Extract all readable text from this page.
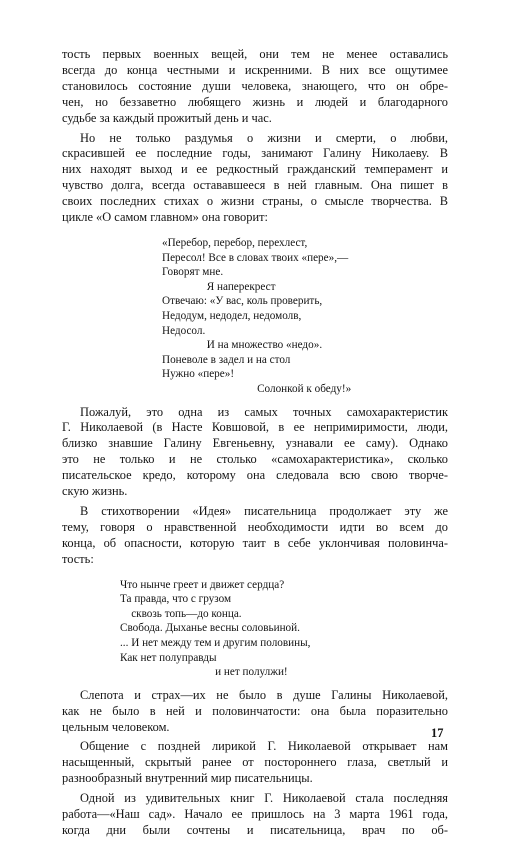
тость первых военных вещей, они тем не менее оставались
всегда до конца честными и искренними. В них все ощутимее
становилось состояние души человека, знающего, что он обре-
чен, но беззаветно любящего жизнь и людей и благодарного
судьбе за каждый прожитый день и час.
Но не только раздумья о жизни и смерти, о любви,
скрасившей ее последние годы, занимают Галину Николаеву. В
них находят выход и ее редкостный гражданский темперамент и
чувство долга, всегда остававшееся в ней главным. Она пишет в
своих последних стихах о жизни страны, о смысле творчества. В
цикле «О самом главном» она говорит:
«Перебор, перебор, перехлест,
Пересол! Все в словах твоих «пере»,—
Говорят мне.
Я наперекрест
Отвечаю: «У вас, коль проверить,
Недодум, недодел, недомолв,
Недосол.
И на множество «недо».
Поневоле в задел и на стол
Нужно «пере»!
Солонкой к обеду!»
Пожалуй, это одна из самых точных самохарактеристик
Г. Николаевой (в Насте Ковшовой, в ее непримиримости, люди,
близко знавшие Галину Евгеньевну, узнавали ее саму). Однако
это не только и не столько «самохарактеристика», сколько
писательское кредо, которому она следовала всю свою творче-
скую жизнь.
В стихотворении «Идея» писательница продолжает эту же
тему, говоря о нравственной необходимости идти во всем до
конца, об опасности, которую таит в себе уклончивая половинча-
тость:
Что нынче греет и движет сердца?
Та правда, что с грузом
сквозь топь—до конца.
Свобода. Дыханье весны соловьиной.
... И нет между тем и другим половины,
Как нет полуправды
и нет полулжи!
Слепота и страх—их не было в душе Галины Николаевой,
как не было в ней и половинчатости: она была поразительно
цельным человеком.
Общение с поздней лирикой Г. Николаевой открывает нам
насыщенный, скрытый ранее от постороннего глаза, светлый и
разнообразный внутренний мир писательницы.
Одной из удивительных книг Г. Николаевой стала последняя
работа—«Наш сад». Начало ее пришлось на 3 марта 1961 года,
когда дни были сочтены и писательница, врач по об-
17
